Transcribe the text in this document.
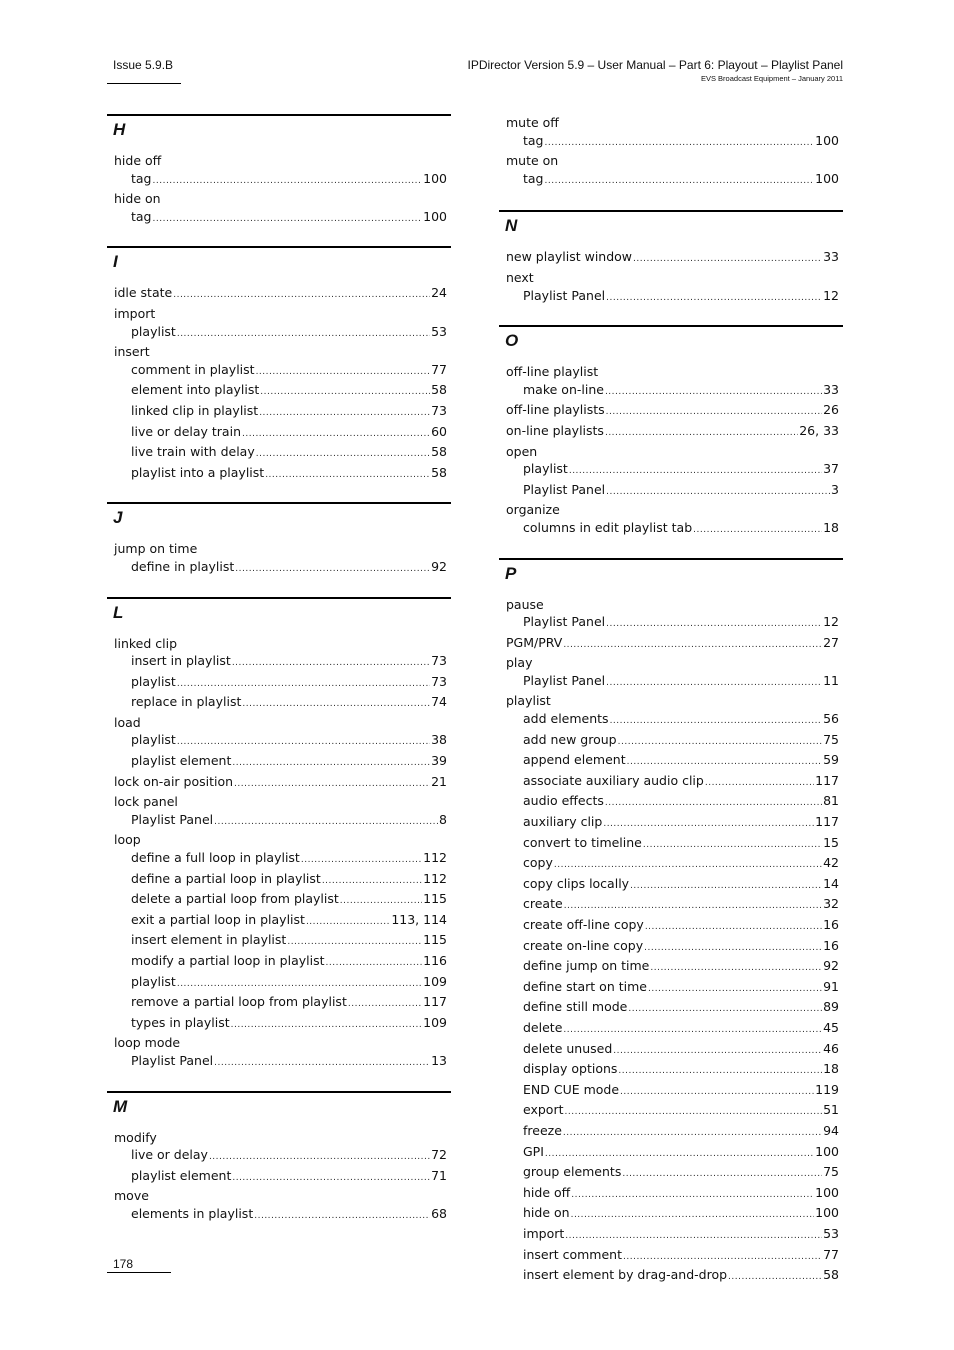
Issue 5.9.B	IPDirector Version 5.9 – User Manual – Part 6: Playout – Playlist Panel
EVS Broadcast Equipment – January 2011
H
hide off
tag .....	100
hide on
tag .....	100
I
idle state .....	24
import
playlist .....	53
insert
comment in playlist .....	77
element into playlist .....	58
linked clip in playlist .....	73
live or delay train .....	60
live train with delay .....	58
playlist into a playlist .....	58
J
jump on time
define in playlist .....	92
L
linked clip
insert in playlist .....	73
playlist .....	73
replace in playlist .....	74
load
playlist .....	38
playlist element .....	39
lock on-air position .....	21
lock panel
Playlist Panel .....	8
loop
define a full loop in playlist .....	112
define a partial loop in playlist .....	112
delete a partial loop from playlist .....	115
exit a partial loop in playlist .....	113, 114
insert element in playlist .....	115
modify a partial loop in playlist .....	116
playlist .....	109
remove a partial loop from playlist .....	117
types in playlist .....	109
loop mode
Playlist Panel .....	13
M
modify
live or delay .....	72
playlist element .....	71
move
elements in playlist .....	68
mute off
tag .....	100
mute on
tag .....	100
N
new playlist window .....	33
next
Playlist Panel .....	12
O
off-line playlist
make on-line .....	33
off-line playlists .....	26
on-line playlists .....	26, 33
open
playlist .....	37
Playlist Panel .....	3
organize
columns in edit playlist tab .....	18
P
pause
Playlist Panel .....	12
PGM/PRV .....	27
play
Playlist Panel .....	11
playlist
add elements .....	56
add new group .....	75
append element .....	59
associate auxiliary audio clip .....	117
audio effects .....	81
auxiliary clip .....	117
convert to timeline .....	15
copy .....	42
copy clips locally .....	14
create .....	32
create off-line copy .....	16
create on-line copy .....	16
define jump on time .....	92
define start on time .....	91
define still mode .....	89
delete .....	45
delete unused .....	46
display options .....	18
END CUE mode .....	119
export .....	51
freeze .....	94
GPI .....	100
group elements .....	75
hide off .....	100
hide on .....	100
import .....	53
insert comment .....	77
insert element by drag-and-drop .....	58
178
